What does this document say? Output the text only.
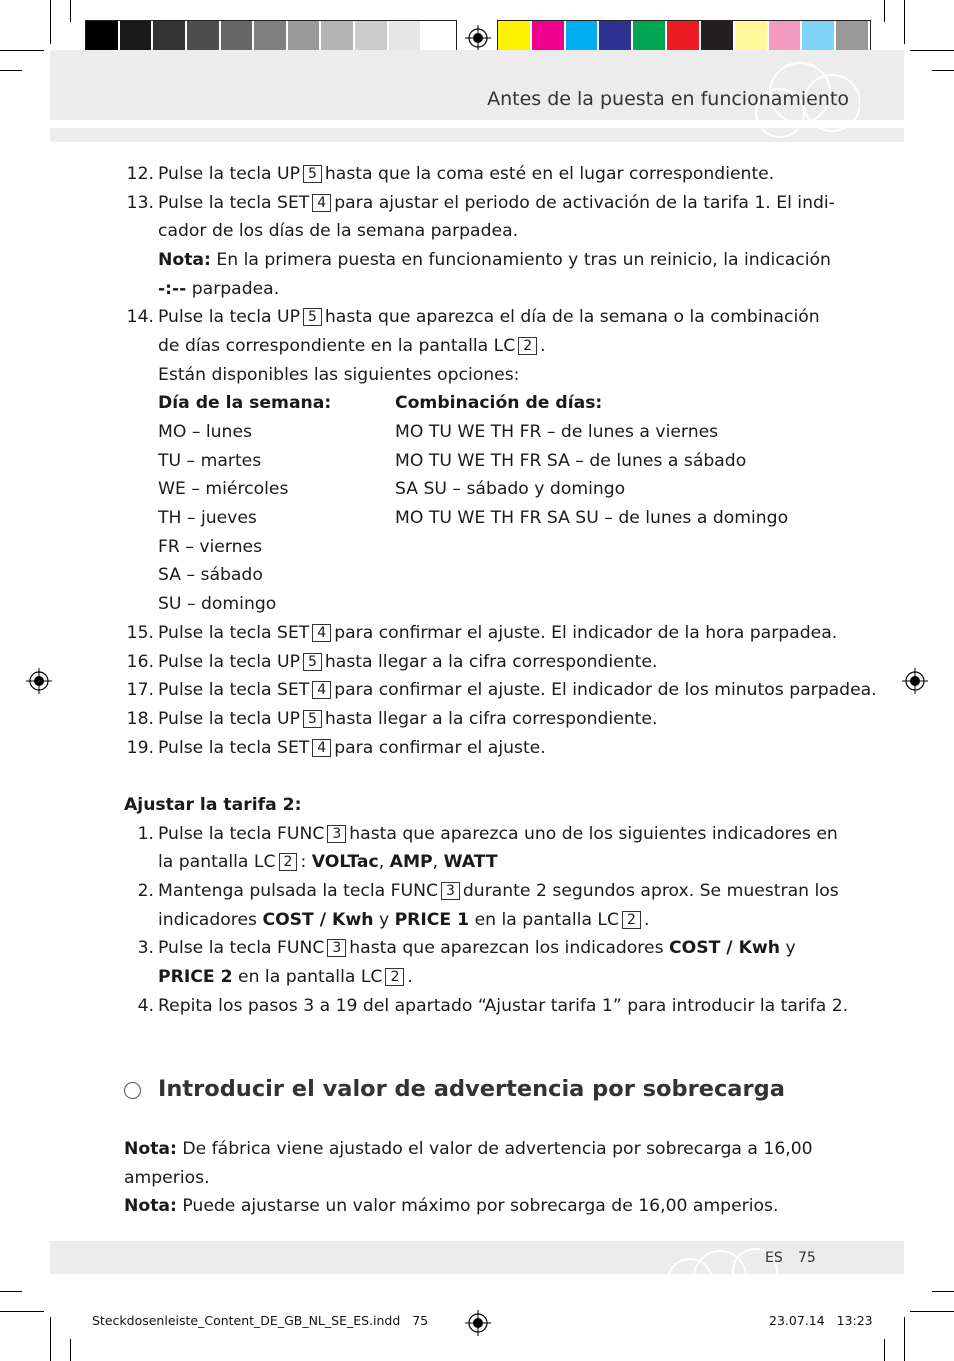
Antes de la puesta en funcionamiento
12. Pulse la tecla UP 5 hasta que la coma esté en el lugar correspondiente.
13. Pulse la tecla SET 4 para ajustar el periodo de activación de la tarifa 1. El indi-
cador de los días de la semana parpadea.
Nota: En la primera puesta en funcionamiento y tras un reinicio, la indicación
-:-- parpadea.
14. Pulse la tecla UP 5 hasta que aparezca el día de la semana o la combinación
de días correspondiente en la pantalla LC 2 .
Están disponibles las siguientes opciones:
Día de la semana:	Combinación de días:
MO – lunes
TU – martes
WE – miércoles
TH – jueves
FR – viernes
SA – sábado
SU – domingo
MO TU WE TH FR – de lunes a viernes
MO TU WE TH FR SA – de lunes a sábado
SA SU – sábado y domingo
MO TU WE TH FR SA SU – de lunes a domingo
15. Pulse la tecla SET 4 para confirmar el ajuste. El indicador de la hora parpadea.
16. Pulse la tecla UP 5 hasta llegar a la cifra correspondiente.
17. Pulse la tecla SET 4 para confirmar el ajuste. El indicador de los minutos parpadea.
18. Pulse la tecla UP 5 hasta llegar a la cifra correspondiente.
19. Pulse la tecla SET 4 para confirmar el ajuste.
Ajustar la tarifa 2:
1. Pulse la tecla FUNC 3 hasta que aparezca uno de los siguientes indicadores en
la pantalla LC 2 : VOLTac, AMP, WATT
2. Mantenga pulsada la tecla FUNC 3 durante 2 segundos aprox. Se muestran los
indicadores COST / Kwh y PRICE 1 en la pantalla LC 2 .
3. Pulse la tecla FUNC 3 hasta que aparezcan los indicadores COST / Kwh y
PRICE 2 en la pantalla LC 2 .
4. Repita los pasos 3 a 19 del apartado “Ajustar tarifa 1” para introducir la tarifa 2.
Introducir el valor de advertencia por sobrecarga
Nota: De fábrica viene ajustado el valor de advertencia por sobrecarga a 16,00
amperios.
Nota: Puede ajustarse un valor máximo por sobrecarga de 16,00 amperios.
ES 75
Steckdosenleiste_Content_DE_GB_NL_SE_ES.indd 75	23.07.14 13:23
